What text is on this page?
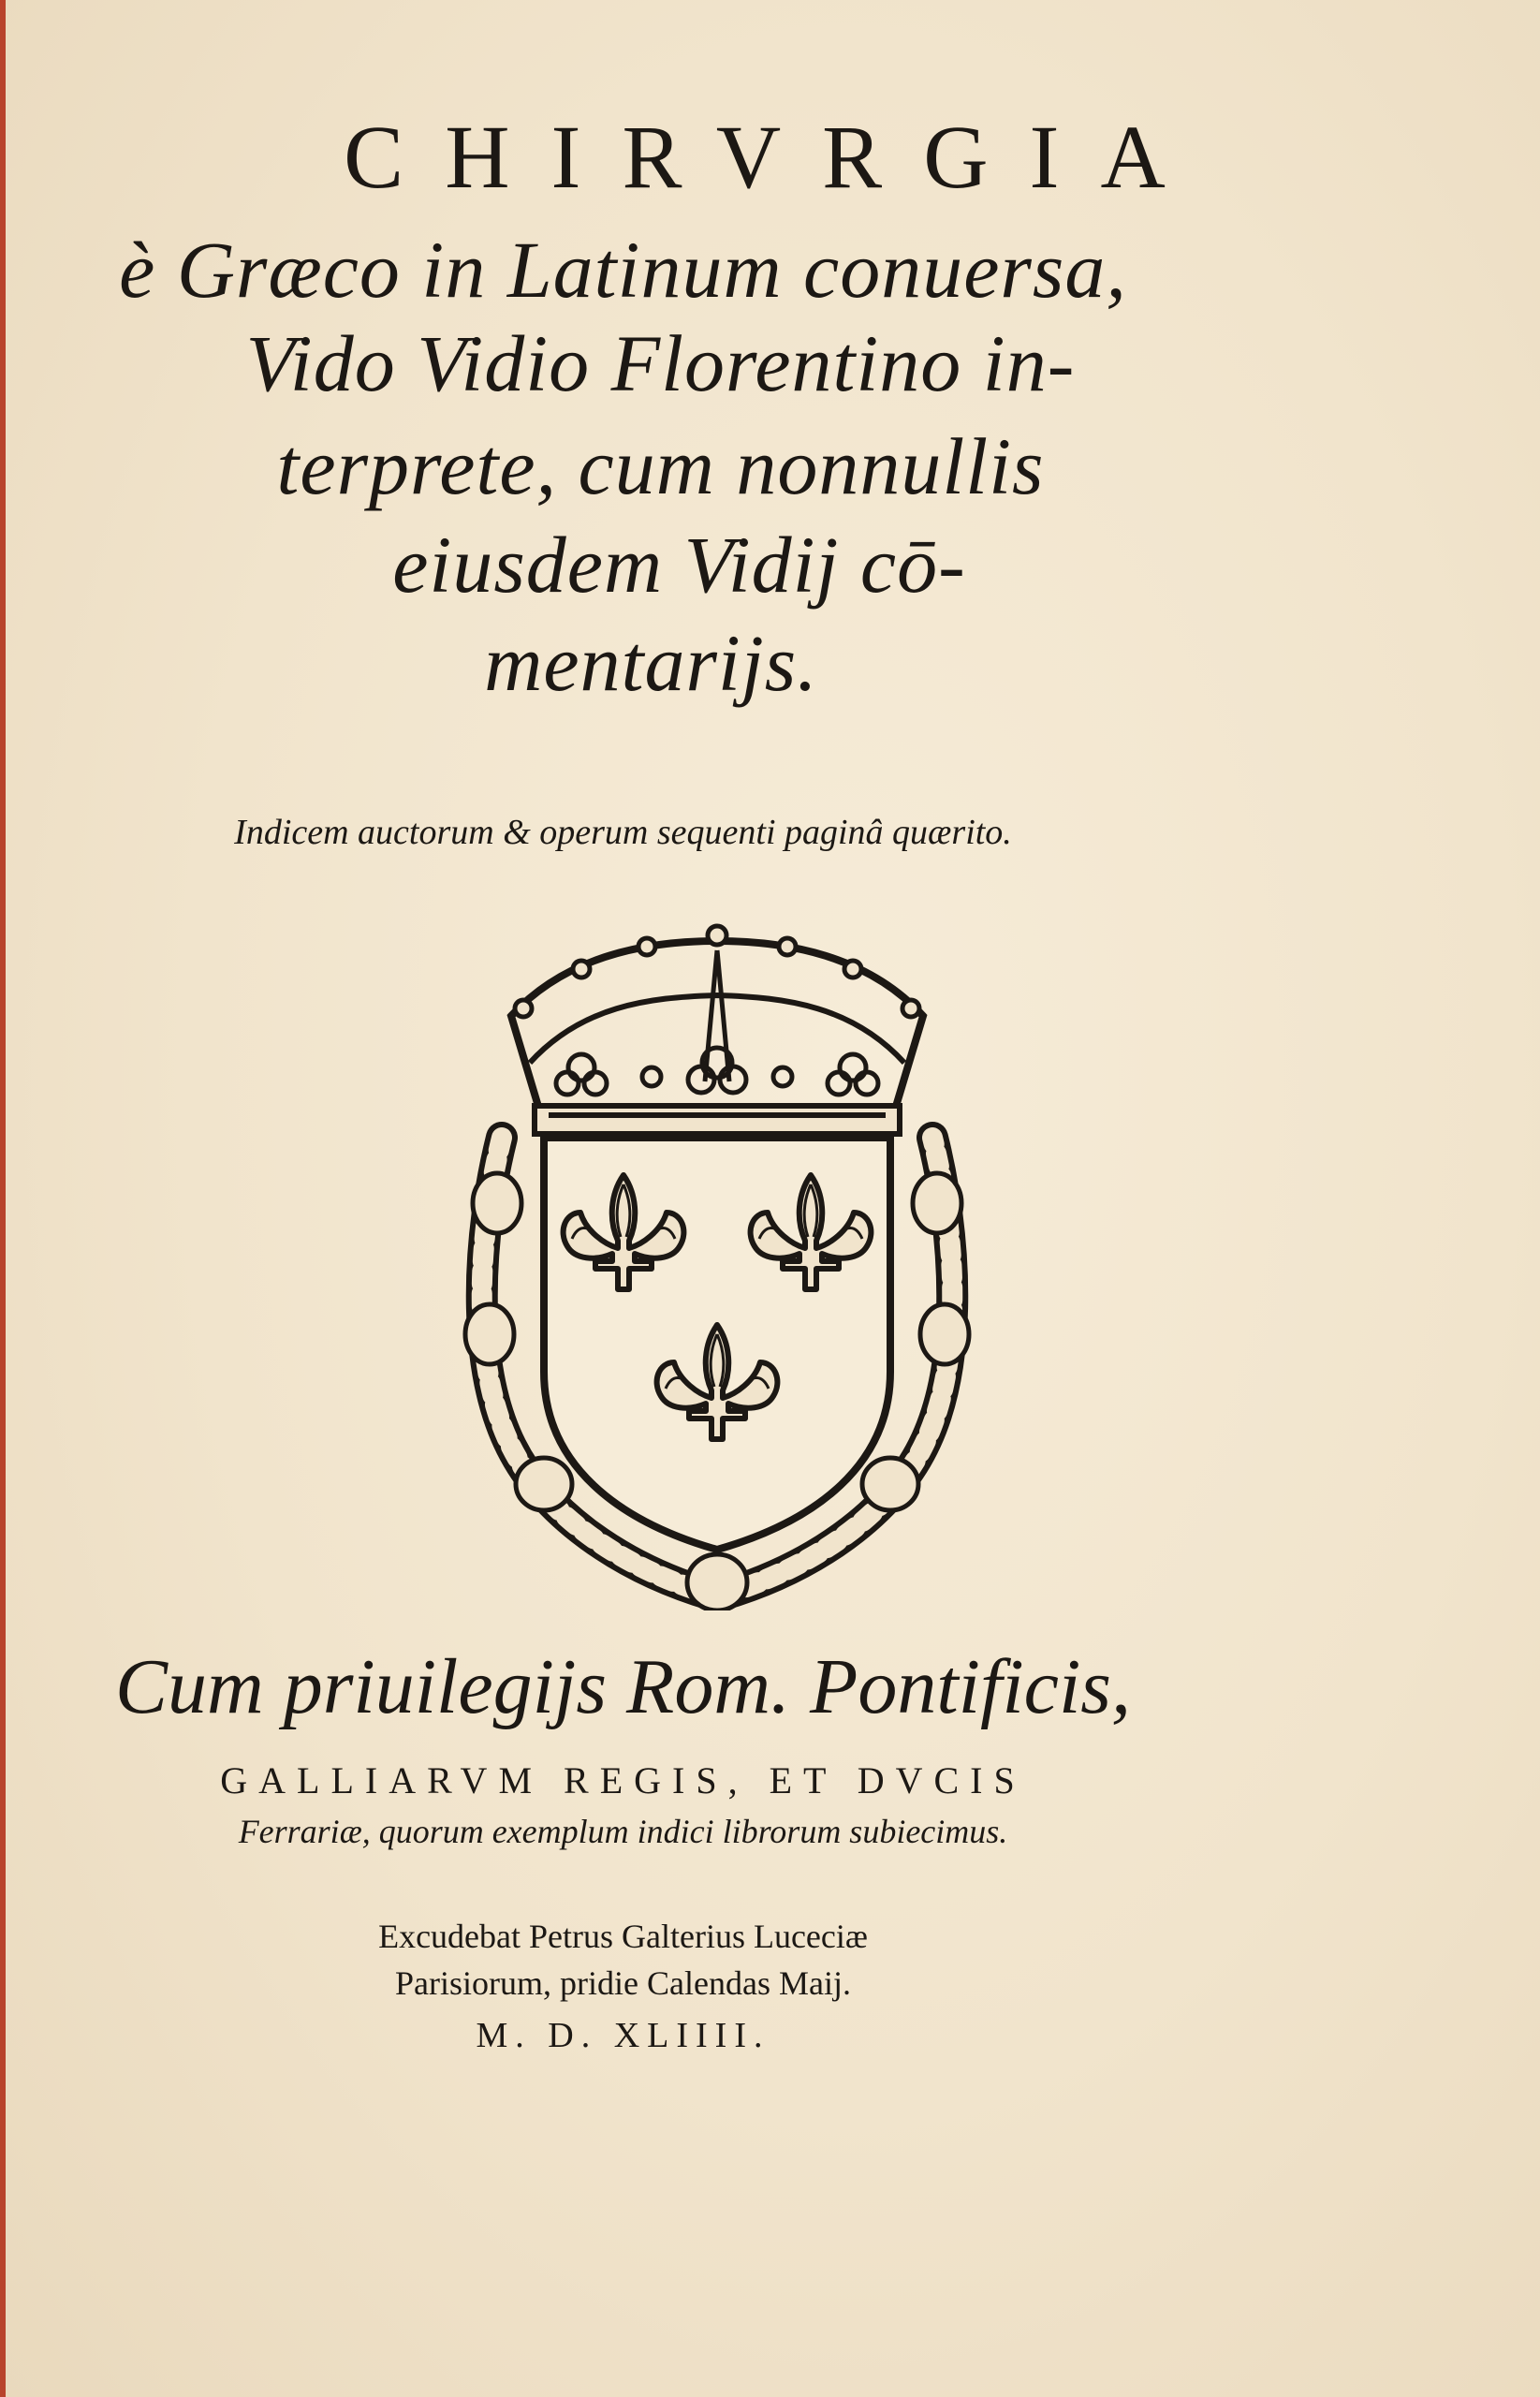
CHIRVRGIA
è Græco in Latinum conuersa,
Vido Vidio Florentino in-
terprete, cum nonnullis
eiusdem Vidij cō-
mentarijs.
Indicem auctorum & operum sequenti paginâ quærito.
Cum priuilegijs Rom. Pontificis,
GALLIARVM REGIS, ET DVCIS
Ferrariæ, quorum exemplum indici librorum subiecimus.
Excudebat Petrus Galterius Luceciæ
Parisiorum, pridie Calendas Maij.
M. D. XLIIII.
